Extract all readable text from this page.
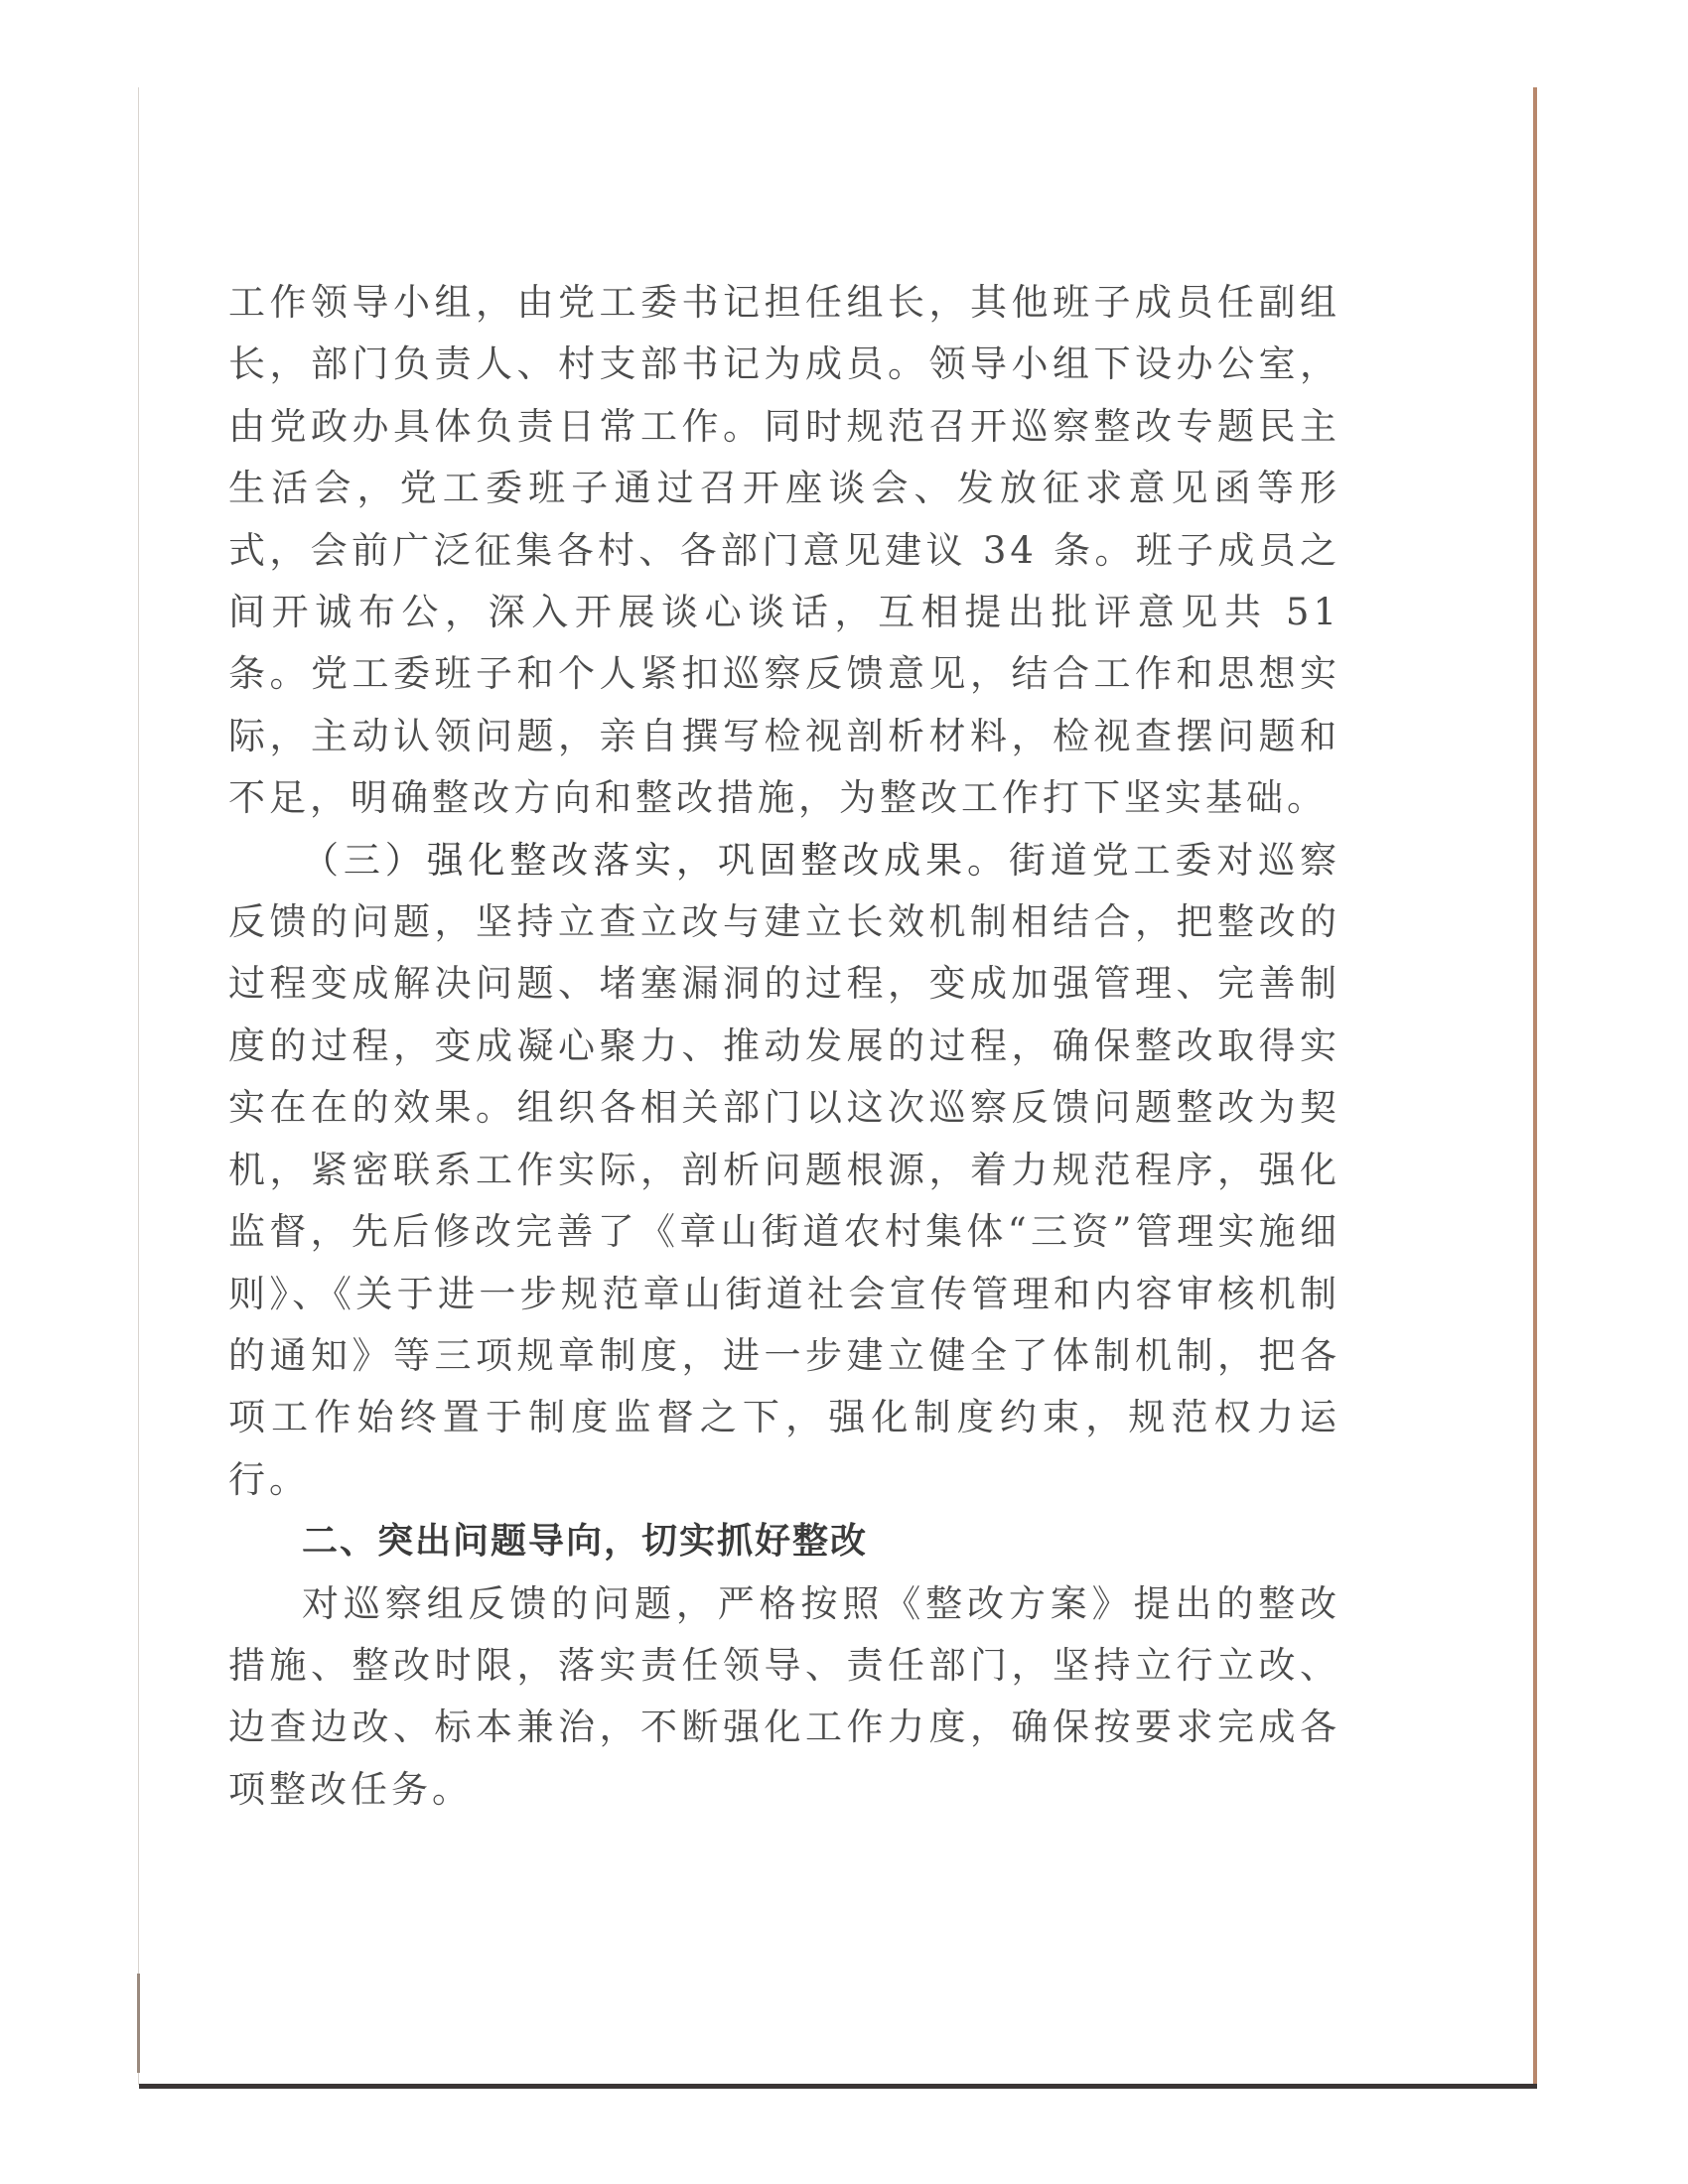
工作领导小组，由党工委书记担任组长，其他班子成员任副组长，部门负责人、村支部书记为成员。领导小组下设办公室，由党政办具体负责日常工作。同时规范召开巡察整改专题民主生活会，党工委班子通过召开座谈会、发放征求意见函等形式，会前广泛征集各村、各部门意见建议 34 条。班子成员之间开诚布公，深入开展谈心谈话，互相提出批评意见共 51 条。党工委班子和个人紧扣巡察反馈意见，结合工作和思想实际，主动认领问题，亲自撰写检视剖析材料，检视查摆问题和不足，明确整改方向和整改措施，为整改工作打下坚实基础。

（三）强化整改落实，巩固整改成果。街道党工委对巡察反馈的问题，坚持立查立改与建立长效机制相结合，把整改的过程变成解决问题、堵塞漏洞的过程，变成加强管理、完善制度的过程，变成凝心聚力、推动发展的过程，确保整改取得实实在在的效果。组织各相关部门以这次巡察反馈问题整改为契机，紧密联系工作实际，剖析问题根源，着力规范程序，强化监督，先后修改完善了《章山街道农村集体“三资”管理实施细则》、《关于进一步规范章山街道社会宣传管理和内容审核机制的通知》等三项规章制度，进一步建立健全了体制机制，把各项工作始终置于制度监督之下，强化制度约束，规范权力运行。

二、突出问题导向，切实抓好整改

对巡察组反馈的问题，严格按照《整改方案》提出的整改措施、整改时限，落实责任领导、责任部门，坚持立行立改、边查边改、标本兼治，不断强化工作力度，确保按要求完成各项整改任务。
